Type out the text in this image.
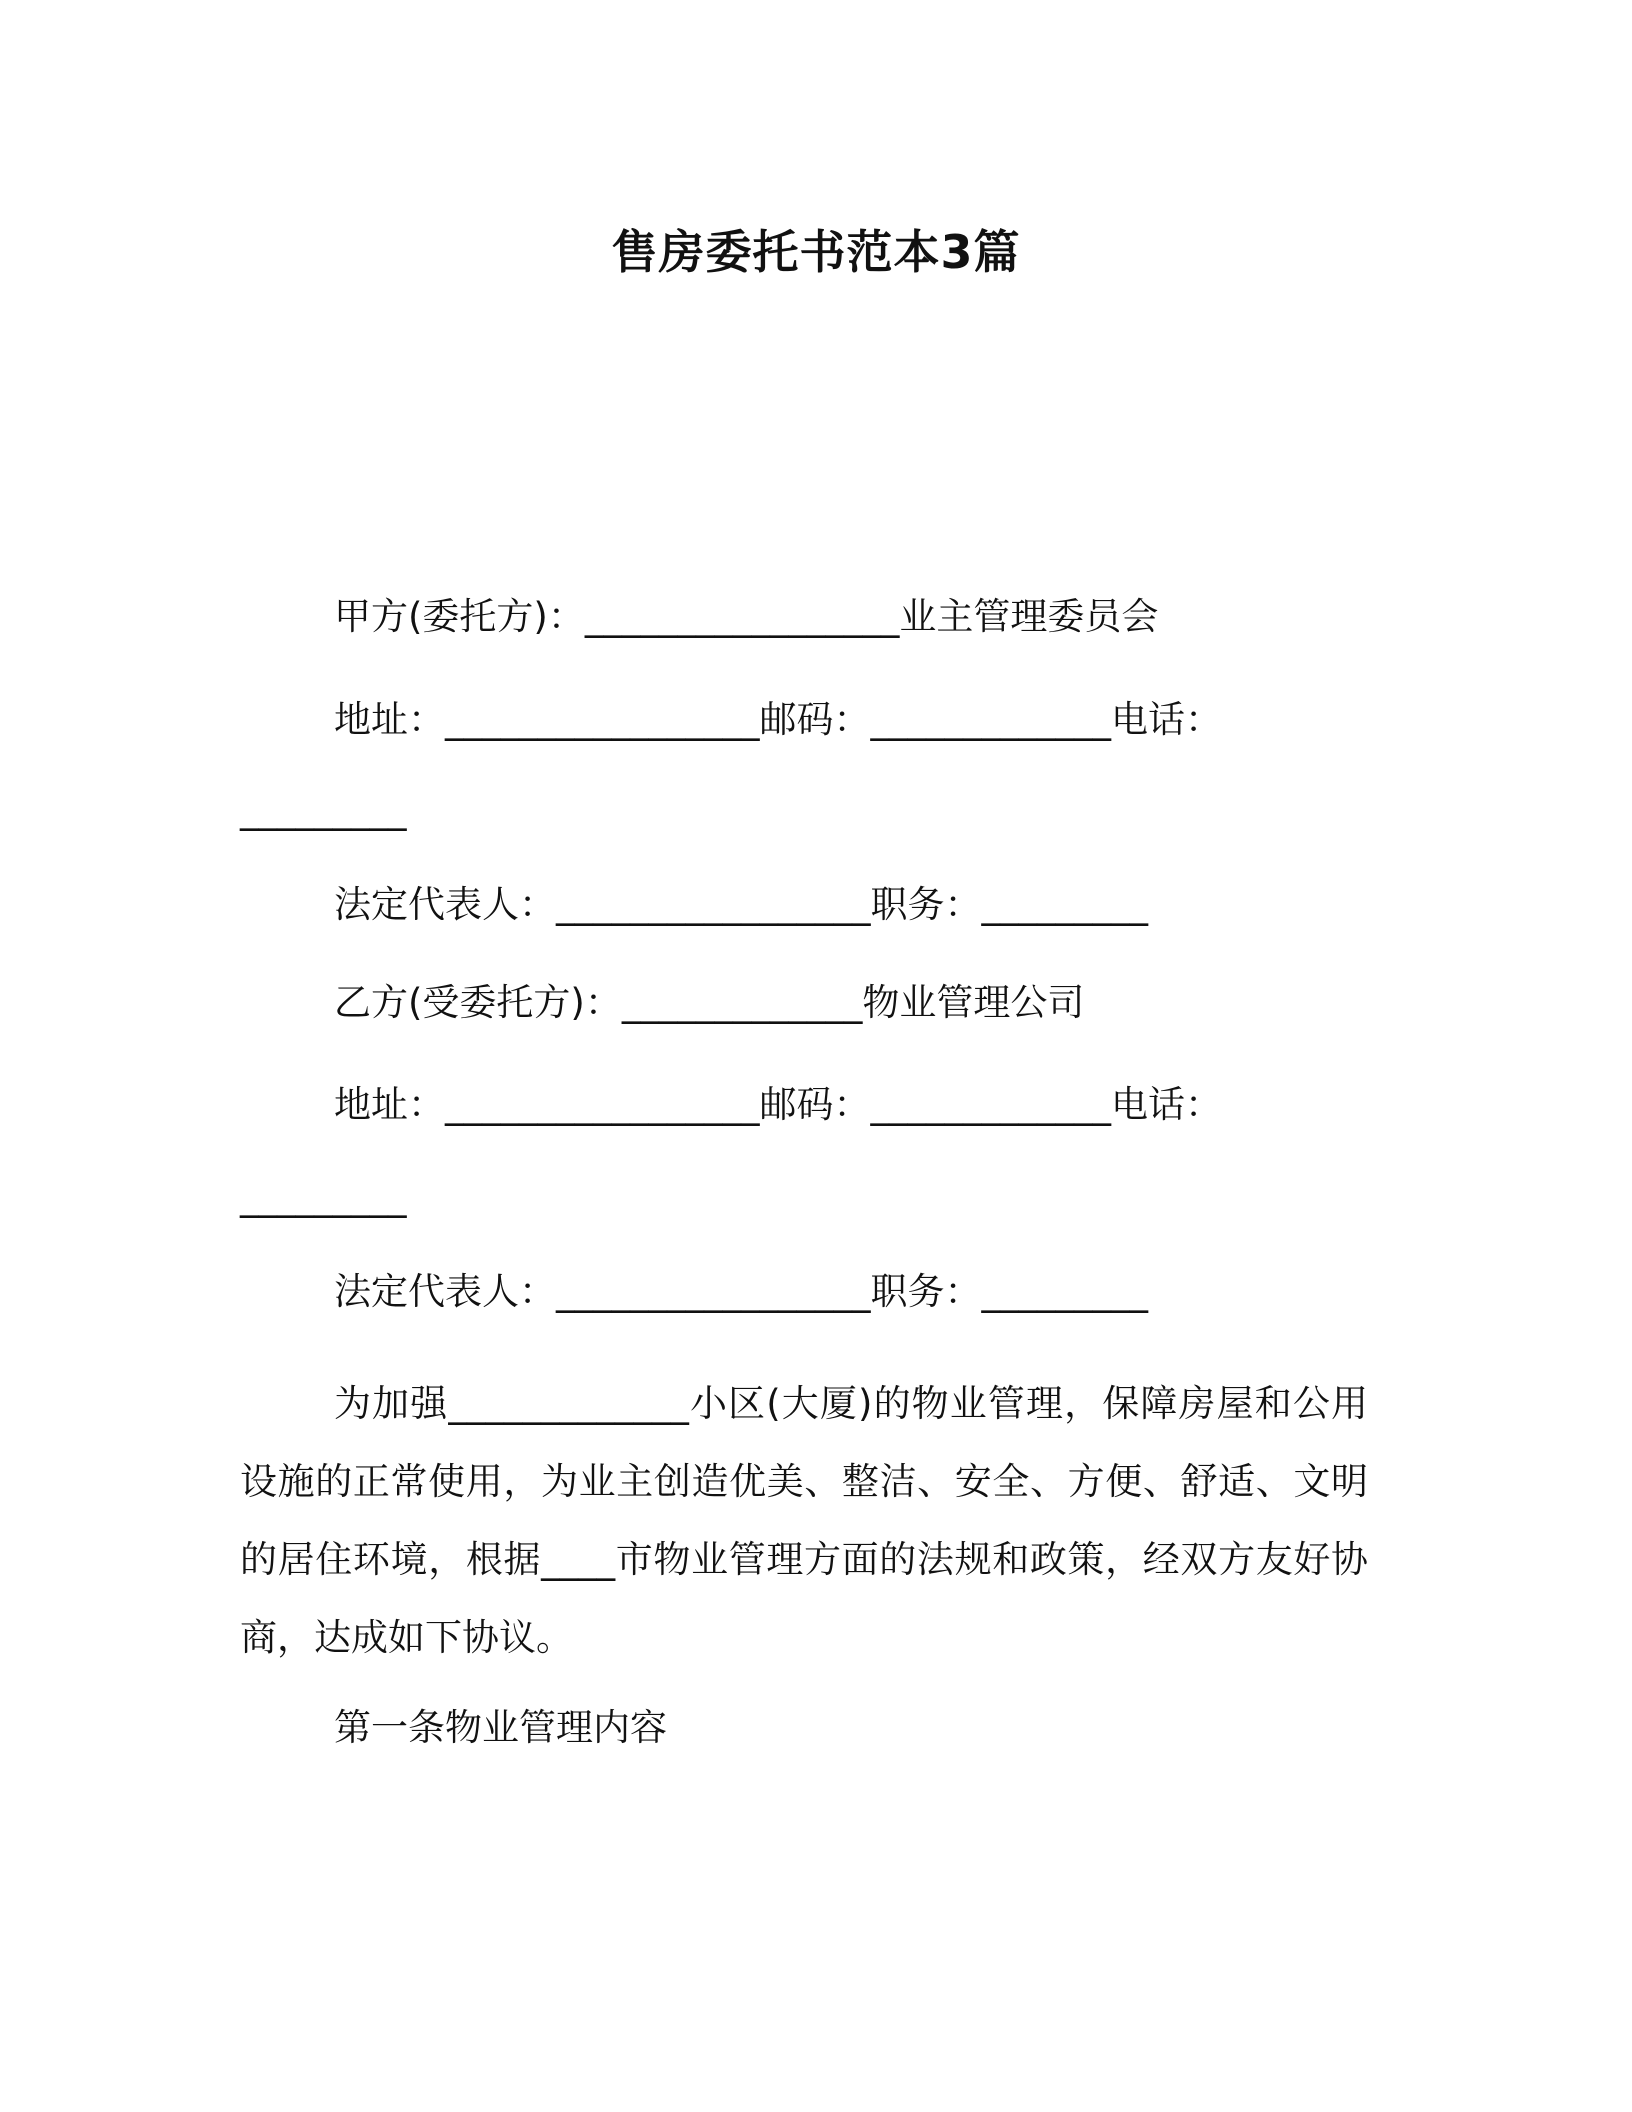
售房委托书范本3篇
甲方(委托方)：_________________业主管理委员会
地址：_________________邮码：_____________电话：
_________
法定代表人：_________________职务：_________
乙方(受委托方)：_____________物业管理公司
地址：_________________邮码：_____________电话：
_________
法定代表人：_________________职务：_________
为加强_____________小区(大厦)的物业管理，保障房屋和公用设施的正常使用，为业主创造优美、整洁、安全、方便、舒适、文明的居住环境，根据____市物业管理方面的法规和政策，经双方友好协商，达成如下协议。
第一条物业管理内容
